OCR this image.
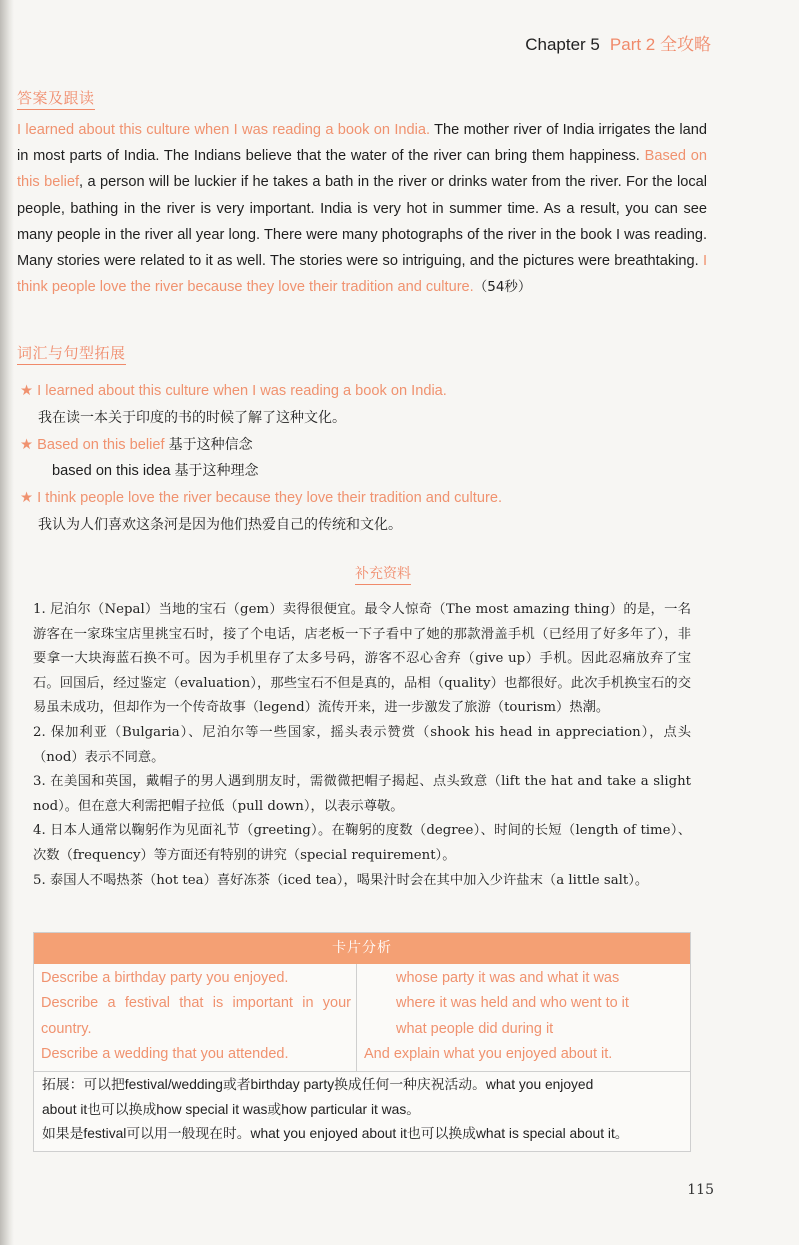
Chapter 5 Part 2 全攻略
答案及跟读
I learned about this culture when I was reading a book on India. The mother river of India irrigates the land in most parts of India. The Indians believe that the water of the river can bring them happiness. Based on this belief, a person will be luckier if he takes a bath in the river or drinks water from the river. For the local people, bathing in the river is very important. India is very hot in summer time. As a result, you can see many people in the river all year long. There were many photographs of the river in the book I was reading. Many stories were related to it as well. The stories were so intriguing, and the pictures were breathtaking. I think people love the river because they love their tradition and culture.（54秒）
词汇与句型拓展
★ I learned about this culture when I was reading a book on India.
我在读一本关于印度的书的时候了解了这种文化。
★ Based on this belief 基于这种信念
based on this idea 基于这种理念
★ I think people love the river because they love their tradition and culture.
我认为人们喜欢这条河是因为他们热爱自己的传统和文化。
补充资料

1. 尼泊尔（Nepal）当地的宝石（gem）卖得很便宜。最令人惊奇（The most amazing thing）的是，一名游客在一家珠宝店里挑宝石时，接了个电话，店老板一下子看中了她的那款滑盖手机（已经用了好多年了），非要拿一大块海蓝石换不可。因为手机里存了太多号码，游客不忍心舍弃（give up）手机。因此忍痛放弃了宝石。回国后，经过鉴定（evaluation），那些宝石不但是真的，品相（quality）也都很好。此次手机换宝石的交易虽未成功，但却作为一个传奇故事（legend）流传开来，进一步激发了旅游（tourism）热潮。

2. 保加利亚（Bulgaria）、尼泊尔等一些国家，摇头表示赞赏（shook his head in appreciation），点头（nod）表示不同意。

3. 在美国和英国，戴帽子的男人遇到朋友时，需微微把帽子揭起、点头致意（lift the hat and take a slight nod）。但在意大利需把帽子拉低（pull down），以表示尊敬。

4. 日本人通常以鞠躬作为见面礼节（greeting）。在鞠躬的度数（degree）、时间的长短（length of time）、次数（frequency）等方面还有特别的讲究（special requirement）。

5. 泰国人不喝热茶（hot tea）喜好冻茶（iced tea），喝果汁时会在其中加入少许盐末（a little salt）。

卡片分析
Describe a birthday party you enjoyed.
Describe a festival that is important in your
country.
Describe a wedding that you attended.
whose party it was and what it was
where it was held and who went to it
what people did during it
And explain what you enjoyed about it.
拓展：可以把festival/wedding或者birthday party换成任何一种庆祝活动。what you enjoyed
about it也可以换成how special it was或how particular it was。
如果是festival可以用一般现在时。what you enjoyed about it也可以换成what is special about it。
115
